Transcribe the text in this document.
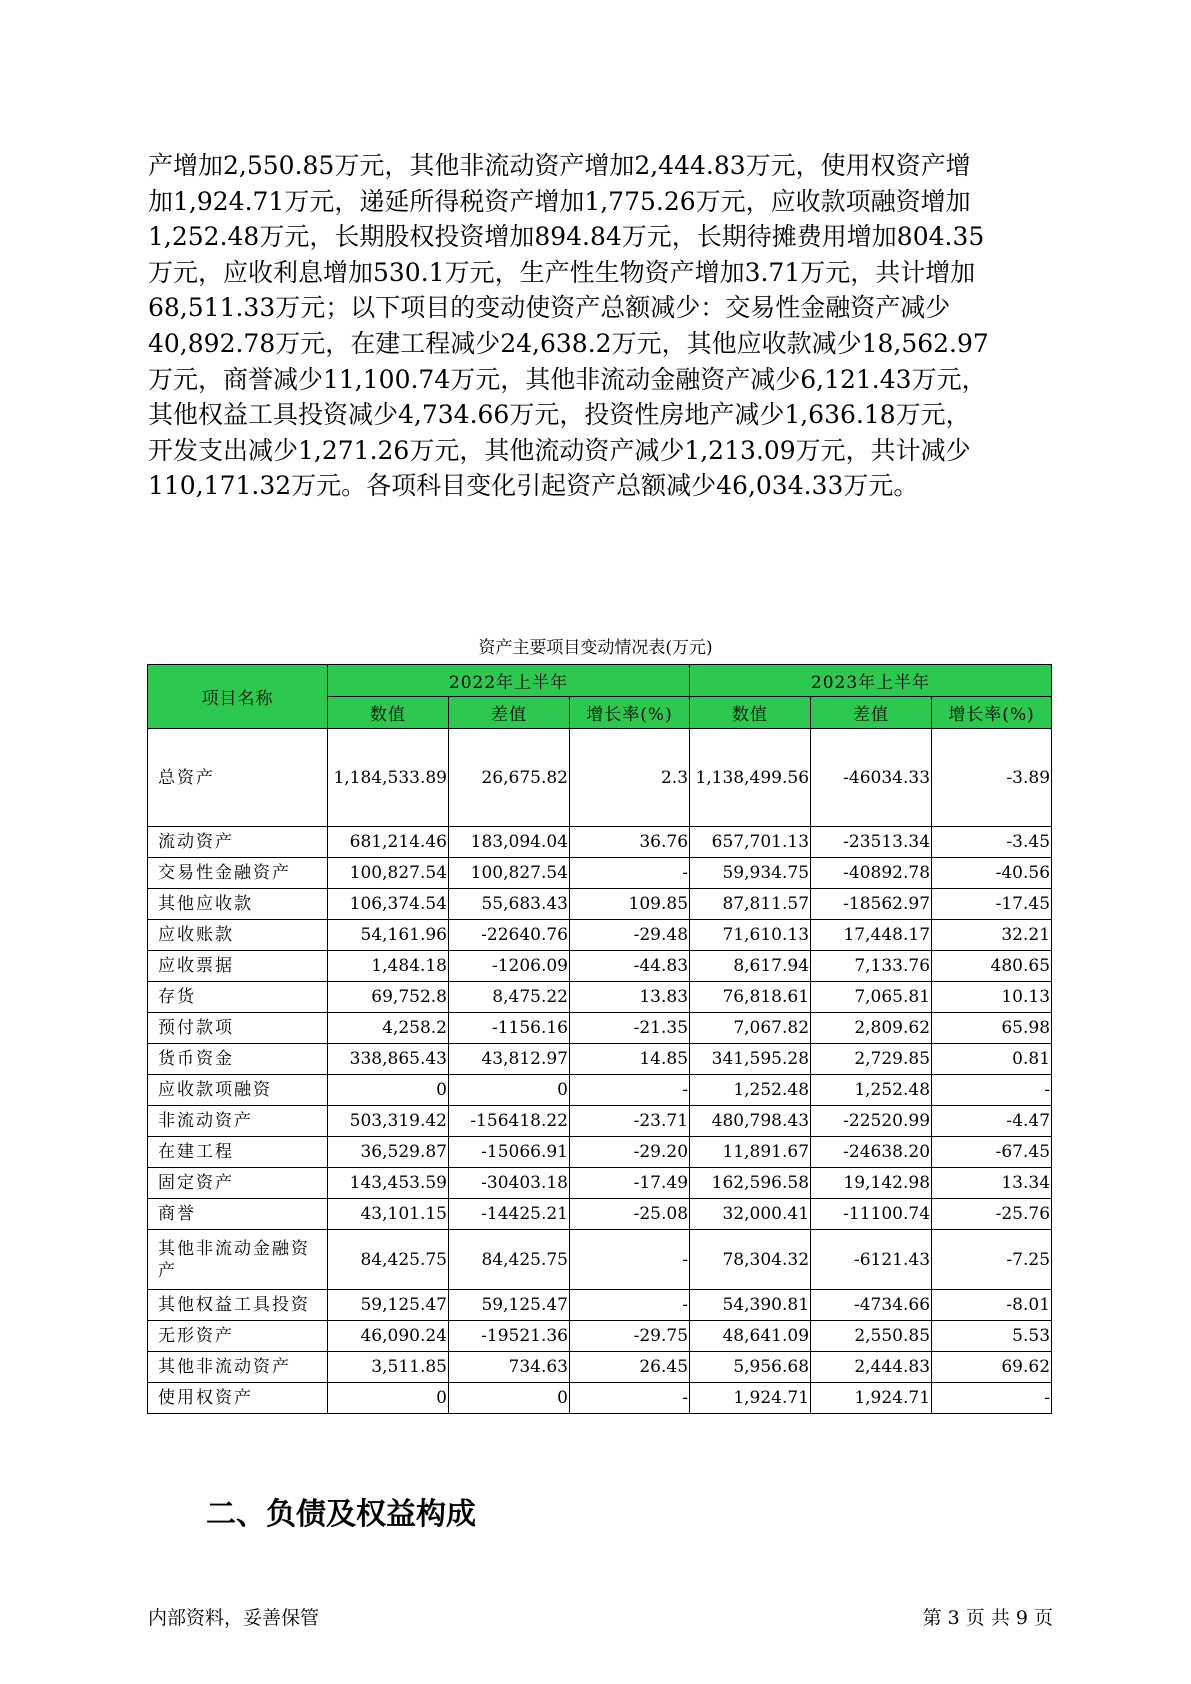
产增加2,550.85万元，其他非流动资产增加2,444.83万元，使用权资产增
加1,924.71万元，递延所得税资产增加1,775.26万元，应收款项融资增加
1,252.48万元，长期股权投资增加894.84万元，长期待摊费用增加804.35
万元，应收利息增加530.1万元，生产性生物资产增加3.71万元，共计增加
68,511.33万元；以下项目的变动使资产总额减少：交易性金融资产减少
40,892.78万元，在建工程减少24,638.2万元，其他应收款减少18,562.97
万元，商誉减少11,100.74万元，其他非流动金融资产减少6,121.43万元，
其他权益工具投资减少4,734.66万元，投资性房地产减少1,636.18万元，
开发支出减少1,271.26万元，其他流动资产减少1,213.09万元，共计减少
110,171.32万元。各项科目变化引起资产总额减少46,034.33万元。

资产主要项目变动情况表(万元)
项目名称	2022年上半年			2023年上半年		
	数值	差值	增长率(%)	数值	差值	增长率(%)
总资产	1,184,533.89	26,675.82	2.3	1,138,499.56	-46034.33	-3.89
流动资产	681,214.46	183,094.04	36.76	657,701.13	-23513.34	-3.45
交易性金融资产	100,827.54	100,827.54	-	59,934.75	-40892.78	-40.56
其他应收款	106,374.54	55,683.43	109.85	87,811.57	-18562.97	-17.45
应收账款	54,161.96	-22640.76	-29.48	71,610.13	17,448.17	32.21
应收票据	1,484.18	-1206.09	-44.83	8,617.94	7,133.76	480.65
存货	69,752.8	8,475.22	13.83	76,818.61	7,065.81	10.13
预付款项	4,258.2	-1156.16	-21.35	7,067.82	2,809.62	65.98
货币资金	338,865.43	43,812.97	14.85	341,595.28	2,729.85	0.81
应收款项融资	0	0	-	1,252.48	1,252.48	-
非流动资产	503,319.42	-156418.22	-23.71	480,798.43	-22520.99	-4.47
在建工程	36,529.87	-15066.91	-29.20	11,891.67	-24638.20	-67.45
固定资产	143,453.59	-30403.18	-17.49	162,596.58	19,142.98	13.34
商誉	43,101.15	-14425.21	-25.08	32,000.41	-11100.74	-25.76
其他非流动金融资产	84,425.75	84,425.75	-	78,304.32	-6121.43	-7.25
其他权益工具投资	59,125.47	59,125.47	-	54,390.81	-4734.66	-8.01
无形资产	46,090.24	-19521.36	-29.75	48,641.09	2,550.85	5.53
其他非流动资产	3,511.85	734.63	26.45	5,956.68	2,444.83	69.62
使用权资产	0	0	-	1,924.71	1,924.71	-
二、负债及权益构成
内部资料，妥善保管	第 3 页 共 9 页
